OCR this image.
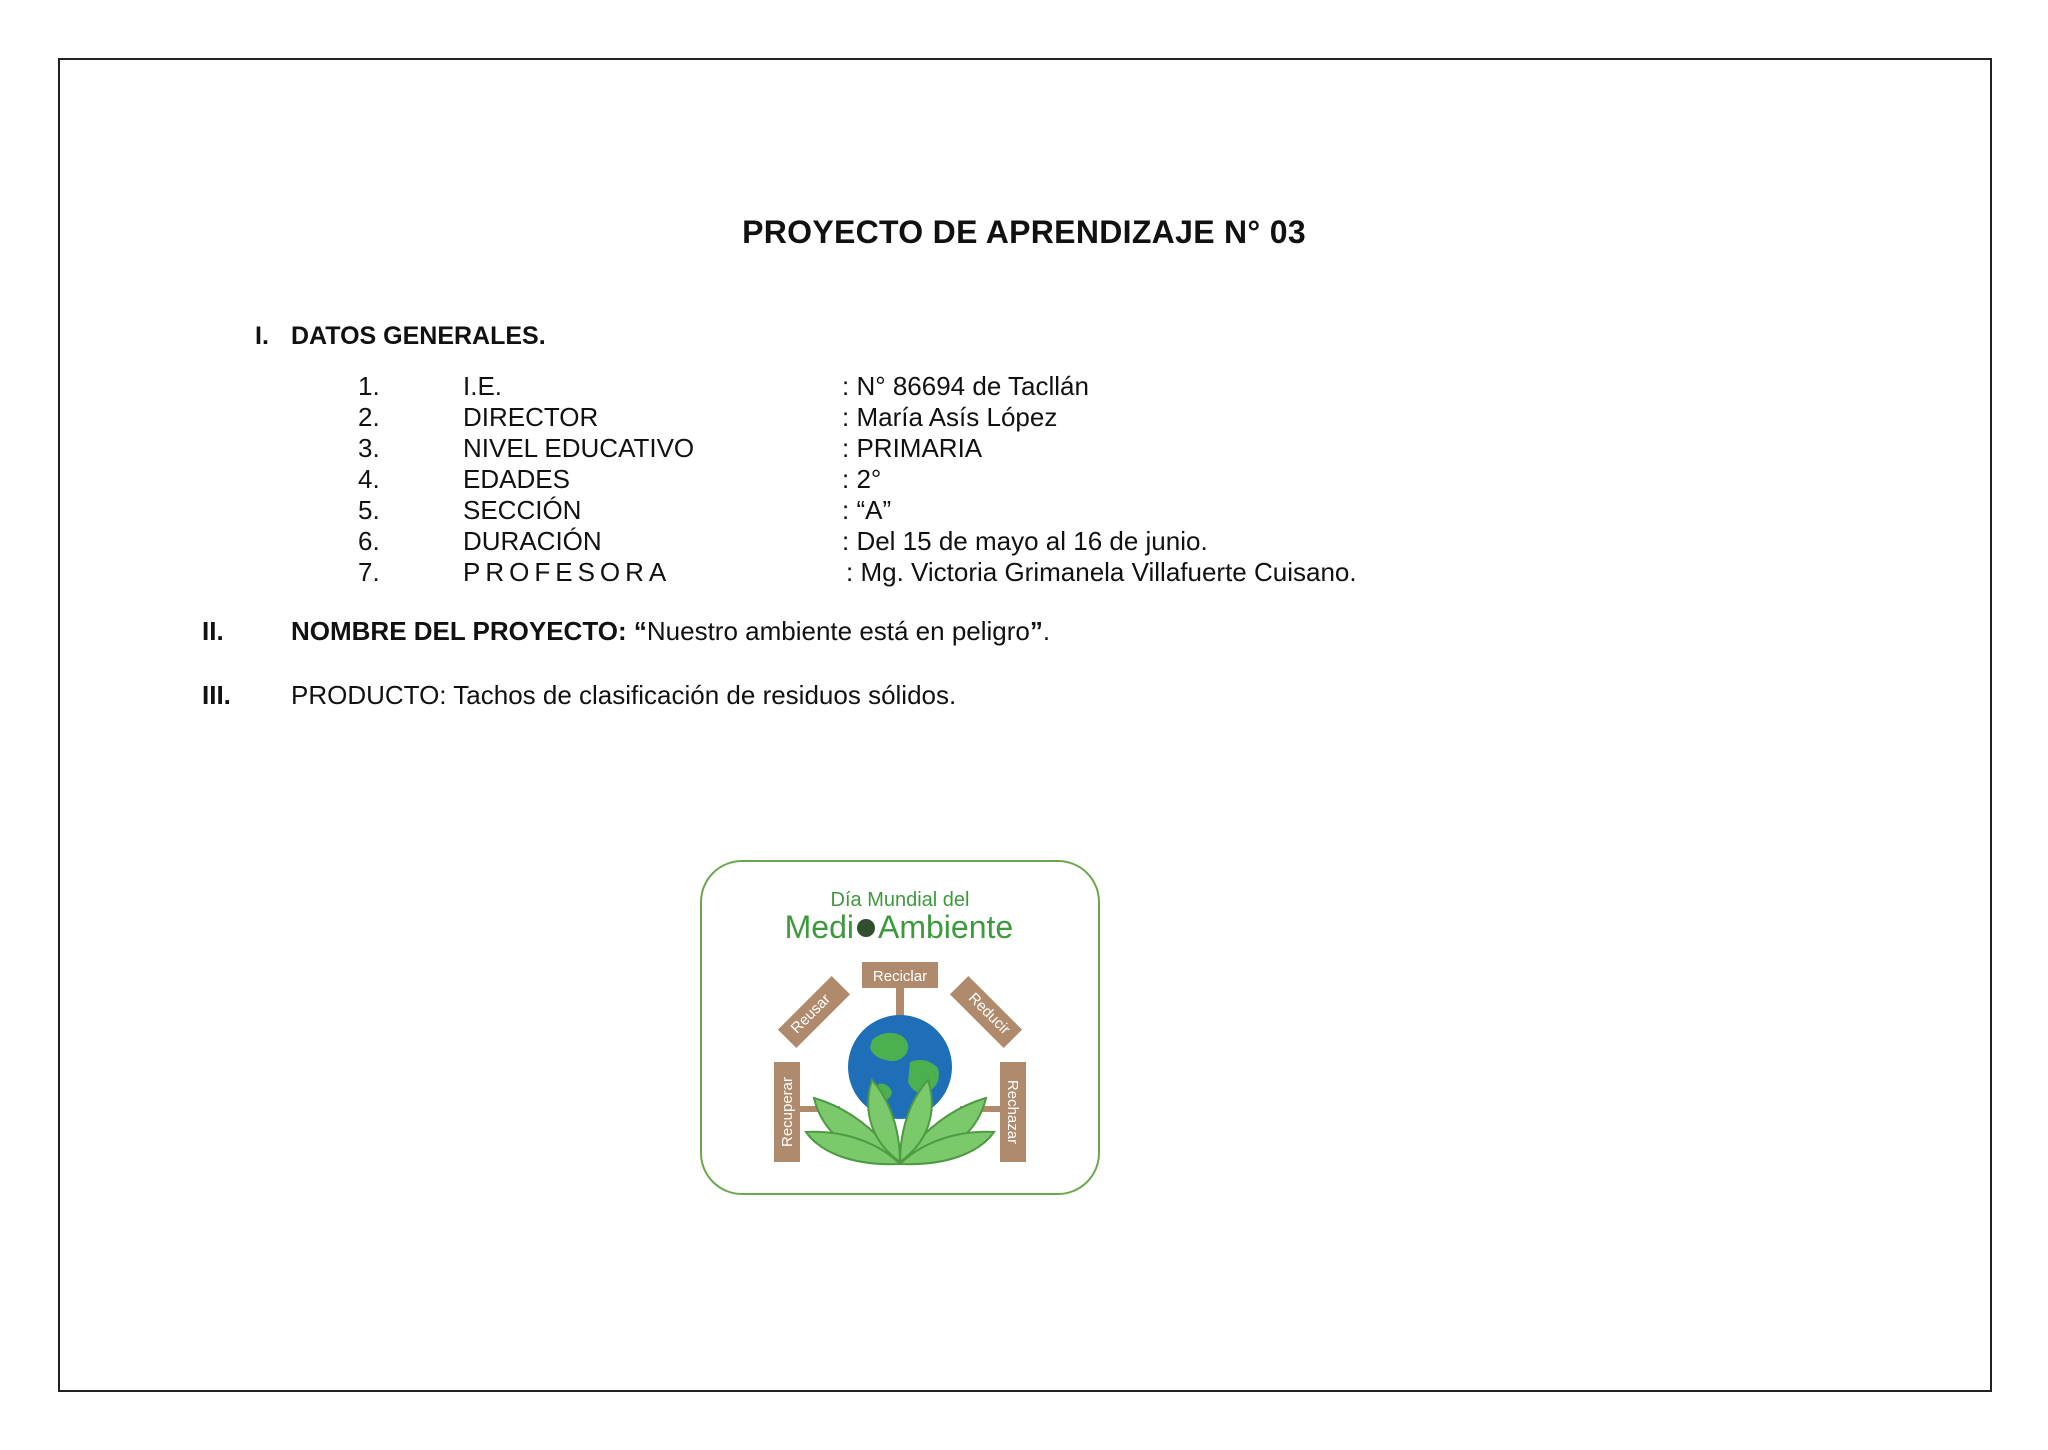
PROYECTO DE APRENDIZAJE N° 03
I. DATOS GENERALES.
1.	I.E.	: N° 86694 de Tacllán
2.	DIRECTOR	: María Asís López
3.	NIVEL EDUCATIVO	: PRIMARIA
4.	EDADES	: 2°
5.	SECCIÓN	: “A”
6.	DURACIÓN	: Del 15 de mayo al 16 de junio.
7.	PROFESORA	: Mg. Victoria Grimanela Villafuerte Cuisano.
II.	NOMBRE DEL PROYECTO: “Nuestro ambiente está en peligro”.
III. PRODUCTO: Tachos de clasificación de residuos sólidos.
Día Mundial del
Medi Ambiente
Reciclar
Reusar	Reducir
Recuperar	Rechazar
